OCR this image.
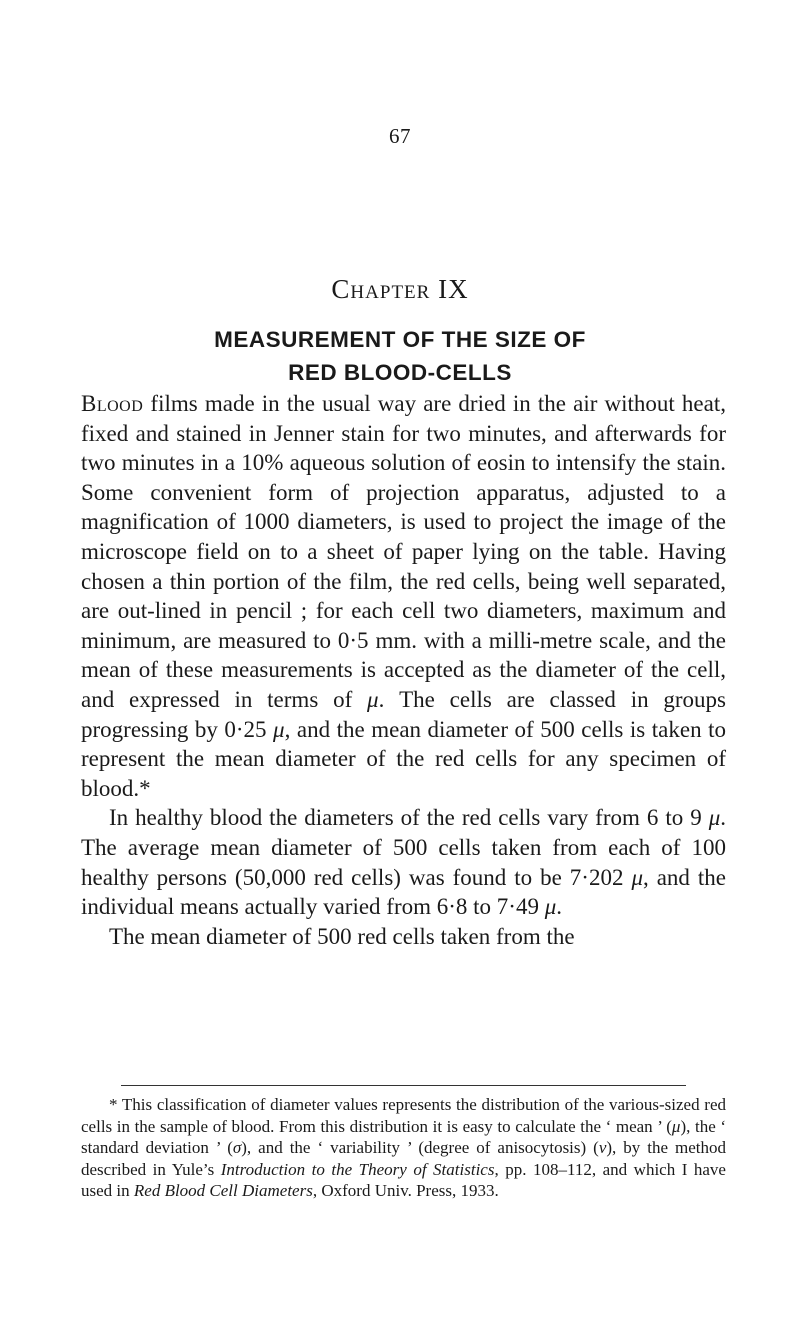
67
Chapter IX
MEASUREMENT OF THE SIZE OF
RED BLOOD-CELLS

Blood films made in the usual way are dried in the air without heat, fixed and stained in Jenner stain for two minutes, and afterwards for two minutes in a 10% aqueous solution of eosin to intensify the stain. Some convenient form of projection apparatus, adjusted to a magnification of 1000 diameters, is used to project the image of the microscope field on to a sheet of paper lying on the table. Having chosen a thin portion of the film, the red cells, being well separated, are out-lined in pencil ; for each cell two diameters, maximum and minimum, are measured to 0·5 mm. with a milli-metre scale, and the mean of these measurements is accepted as the diameter of the cell, and expressed in terms of μ. The cells are classed in groups progressing by 0·25 μ, and the mean diameter of 500 cells is taken to represent the mean diameter of the red cells for any specimen of blood.*

In healthy blood the diameters of the red cells vary from 6 to 9 μ. The average mean diameter of 500 cells taken from each of 100 healthy persons (50,000 red cells) was found to be 7·202 μ, and the individual means actually varied from 6·8 to 7·49 μ.

The mean diameter of 500 red cells taken from the

* This classification of diameter values represents the distribution of the various-sized red cells in the sample of blood. From this distribution it is easy to calculate the ‘ mean ’ (μ), the ‘ standard deviation ’ (σ), and the ‘ variability ’ (degree of anisocytosis) (ν), by the method described in Yule’s Introduction to the Theory of Statistics, pp. 108–112, and which I have used in Red Blood Cell Diameters, Oxford Univ. Press, 1933.
